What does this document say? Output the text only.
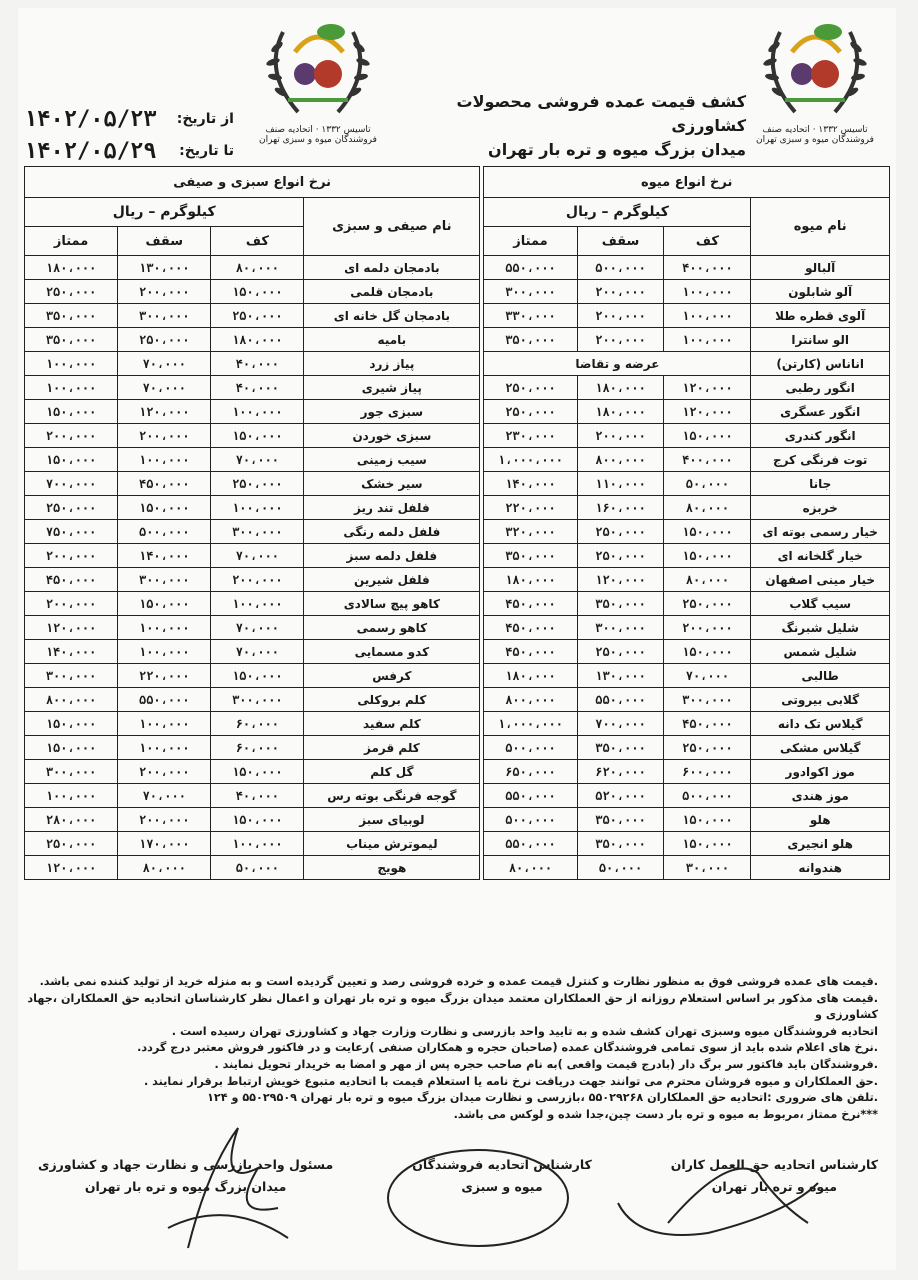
تاسیس ۱۳۳۲ · اتحادیه صنف فروشندگان میوه و سبزی تهران
تاسیس ۱۳۳۲ · اتحادیه صنف فروشندگان میوه و سبزی تهران
کشف قیمت عمده فروشی محصولات کشاورزی
میدان بزرگ میوه و تره بار تهران
از تاریخ:
۱۴۰۲/۰۵/۲۳
تا تاریخ:
۱۴۰۲/۰۵/۲۹
نرخ انواع میوه					نرخ انواع سبزی و صیفی			
نام میوه	کیلوگرم – ریال				نام صیفی و سبزی	کیلوگرم – ریال		
	کف	سقف	ممتاز			کف	سقف	ممتاز
آلبالو	۴۰۰،۰۰۰	۵۰۰،۰۰۰	۵۵۰،۰۰۰		بادمجان دلمه ای	۸۰،۰۰۰	۱۳۰،۰۰۰	۱۸۰،۰۰۰
آلو شابلون	۱۰۰،۰۰۰	۲۰۰،۰۰۰	۳۰۰،۰۰۰		بادمجان قلمی	۱۵۰،۰۰۰	۲۰۰،۰۰۰	۲۵۰،۰۰۰
آلوی قطره طلا	۱۰۰،۰۰۰	۲۰۰،۰۰۰	۳۳۰،۰۰۰		بادمجان گل خانه ای	۲۵۰،۰۰۰	۳۰۰،۰۰۰	۳۵۰،۰۰۰
الو سانترا	۱۰۰،۰۰۰	۲۰۰،۰۰۰	۳۵۰،۰۰۰		بامیه	۱۸۰،۰۰۰	۲۵۰،۰۰۰	۳۵۰،۰۰۰
اناناس (کارتن)	عرضه و تقاضا				پیاز زرد	۴۰،۰۰۰	۷۰،۰۰۰	۱۰۰،۰۰۰
انگور رطبی	۱۲۰،۰۰۰	۱۸۰،۰۰۰	۲۵۰،۰۰۰		پیاز شیری	۴۰،۰۰۰	۷۰،۰۰۰	۱۰۰،۰۰۰
انگور عسگری	۱۲۰،۰۰۰	۱۸۰،۰۰۰	۲۵۰،۰۰۰		سبزی جور	۱۰۰،۰۰۰	۱۲۰،۰۰۰	۱۵۰،۰۰۰
انگور کندری	۱۵۰،۰۰۰	۲۰۰،۰۰۰	۲۳۰،۰۰۰		سبزی خوردن	۱۵۰،۰۰۰	۲۰۰،۰۰۰	۲۰۰،۰۰۰
توت فرنگی کرج	۴۰۰،۰۰۰	۸۰۰،۰۰۰	۱،۰۰۰،۰۰۰		سیب زمینی	۷۰،۰۰۰	۱۰۰،۰۰۰	۱۵۰،۰۰۰
جانا	۵۰،۰۰۰	۱۱۰،۰۰۰	۱۴۰،۰۰۰		سیر خشک	۲۵۰،۰۰۰	۴۵۰،۰۰۰	۷۰۰،۰۰۰
خربزه	۸۰،۰۰۰	۱۶۰،۰۰۰	۲۲۰،۰۰۰		فلفل تند ریز	۱۰۰،۰۰۰	۱۵۰،۰۰۰	۲۵۰،۰۰۰
خیار رسمی بوته ای	۱۵۰،۰۰۰	۲۵۰،۰۰۰	۳۲۰،۰۰۰		فلفل دلمه رنگی	۳۰۰،۰۰۰	۵۰۰،۰۰۰	۷۵۰،۰۰۰
خیار گلخانه ای	۱۵۰،۰۰۰	۲۵۰،۰۰۰	۳۵۰،۰۰۰		فلفل دلمه سبز	۷۰،۰۰۰	۱۴۰،۰۰۰	۲۰۰،۰۰۰
خیار مینی اصفهان	۸۰،۰۰۰	۱۲۰،۰۰۰	۱۸۰،۰۰۰		فلفل شیرین	۲۰۰،۰۰۰	۳۰۰،۰۰۰	۴۵۰،۰۰۰
سیب گلاب	۲۵۰،۰۰۰	۳۵۰،۰۰۰	۴۵۰،۰۰۰		کاهو پیچ سالادی	۱۰۰،۰۰۰	۱۵۰،۰۰۰	۲۰۰،۰۰۰
شلیل شبرنگ	۲۰۰،۰۰۰	۳۰۰،۰۰۰	۴۵۰،۰۰۰		کاهو رسمی	۷۰،۰۰۰	۱۰۰،۰۰۰	۱۲۰،۰۰۰
شلیل شمس	۱۵۰،۰۰۰	۲۵۰،۰۰۰	۴۵۰،۰۰۰		کدو مسمایی	۷۰،۰۰۰	۱۰۰،۰۰۰	۱۴۰،۰۰۰
طالبی	۷۰،۰۰۰	۱۳۰،۰۰۰	۱۸۰،۰۰۰		کرفس	۱۵۰،۰۰۰	۲۲۰،۰۰۰	۳۰۰،۰۰۰
گلابی بیروتی	۳۰۰،۰۰۰	۵۵۰،۰۰۰	۸۰۰،۰۰۰		کلم بروکلی	۳۰۰،۰۰۰	۵۵۰،۰۰۰	۸۰۰،۰۰۰
گیلاس تک دانه	۴۵۰،۰۰۰	۷۰۰،۰۰۰	۱،۰۰۰،۰۰۰		کلم سفید	۶۰،۰۰۰	۱۰۰،۰۰۰	۱۵۰،۰۰۰
گیلاس مشکی	۲۵۰،۰۰۰	۳۵۰،۰۰۰	۵۰۰،۰۰۰		کلم قرمز	۶۰،۰۰۰	۱۰۰،۰۰۰	۱۵۰،۰۰۰
موز اکوادور	۶۰۰،۰۰۰	۶۲۰،۰۰۰	۶۵۰،۰۰۰		گل کلم	۱۵۰،۰۰۰	۲۰۰،۰۰۰	۳۰۰،۰۰۰
موز هندی	۵۰۰،۰۰۰	۵۲۰،۰۰۰	۵۵۰،۰۰۰		گوجه فرنگی بوته رس	۴۰،۰۰۰	۷۰،۰۰۰	۱۰۰،۰۰۰
هلو	۱۵۰،۰۰۰	۳۵۰،۰۰۰	۵۰۰،۰۰۰		لوبیای سبز	۱۵۰،۰۰۰	۲۰۰،۰۰۰	۲۸۰،۰۰۰
هلو انجیری	۱۵۰،۰۰۰	۳۵۰،۰۰۰	۵۵۰،۰۰۰		لیموترش میناب	۱۰۰،۰۰۰	۱۷۰،۰۰۰	۲۵۰،۰۰۰
هندوانه	۳۰،۰۰۰	۵۰،۰۰۰	۸۰،۰۰۰		هویج	۵۰،۰۰۰	۸۰،۰۰۰	۱۲۰،۰۰۰

.قیمت های عمده فروشی فوق به منظور نظارت و کنترل قیمت عمده و خرده فروشی رصد و تعیین گردیده است و به منزله خرید از تولید کننده نمی باشد.

.قیمت های مذکور بر اساس استعلام روزانه از حق العملکاران معتمد میدان بزرگ میوه و تره بار تهران و اعمال نظر کارشناسان اتحادیه حق العملکاران ،جهاد کشاورزی و

اتحادیه فروشندگان میوه وسبزی تهران کشف شده و به تایید واحد بازرسی و نظارت وزارت جهاد و کشاورزی تهران رسیده است .

.نرخ های اعلام شده باید از سوی تمامی فروشندگان عمده (صاحبان حجره و همکاران صنفی )رعایت و در فاکتور فروش معتبر درج گردد.

.فروشندگان باید فاکتور سر برگ دار (بادرج قیمت واقعی )به نام صاحب حجره پس از مهر و امضا به خریدار تحویل نمایند .

.حق العملکاران و میوه فروشان محترم می توانند جهت دریافت نرخ نامه یا استعلام قیمت با اتحادیه متبوع خویش ارتباط برقرار نمایند .

.تلفن های ضروری :اتحادیه حق العملکاران ۵۵۰۲۹۲۶۸ ،بازرسی و نظارت میدان بزرگ میوه و تره بار تهران ۵۵۰۲۹۵۰۹ و ۱۲۴

***نرخ ممتاز ،مربوط به میوه و تره بار دست چین،جدا شده و لوکس می باشد.

کارشناس اتحادیه حق العمل کاران
میوه و تره بار تهران
کارشناس اتحادیه فروشندگان
میوه و سبزی
مسئول واحد بازرسی و نظارت جهاد و کشاورزی
میدان بزرگ میوه و تره بار تهران
